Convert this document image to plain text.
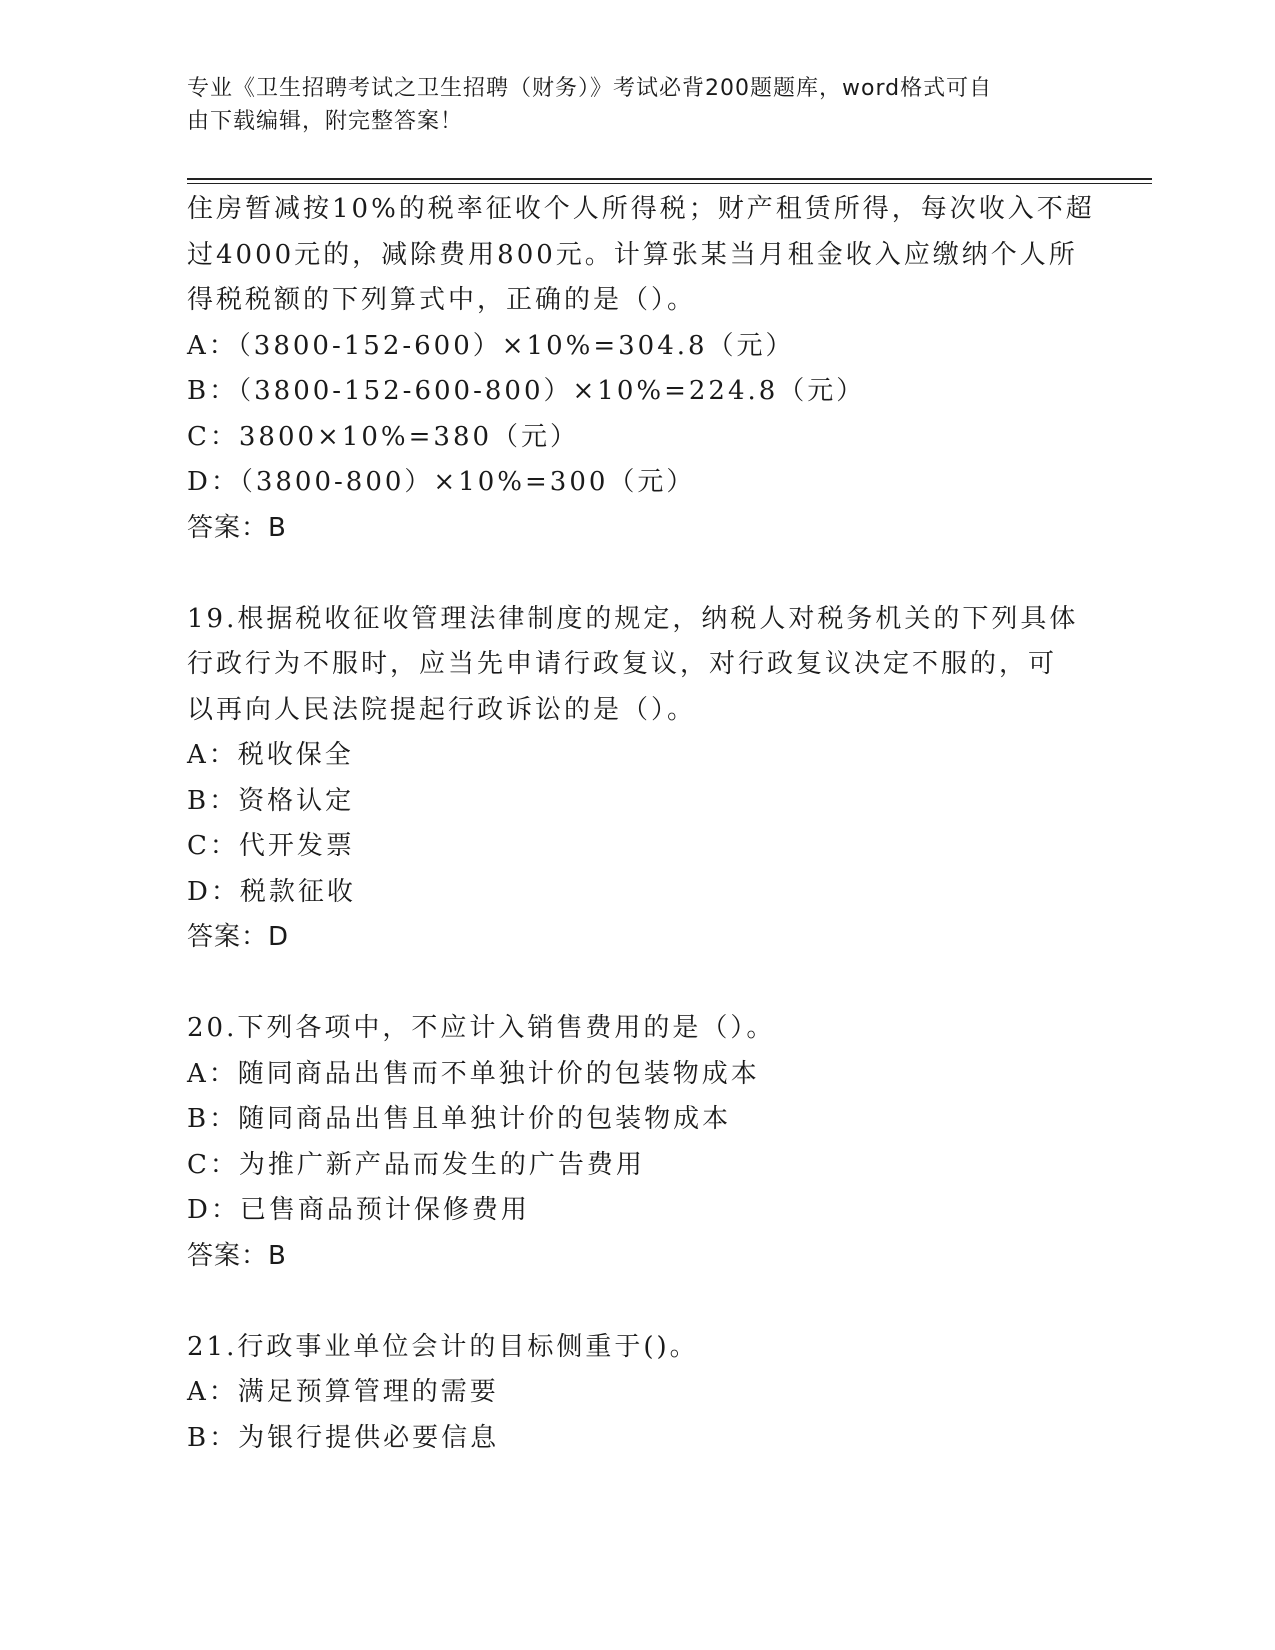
专业《卫生招聘考试之卫生招聘（财务）》考试必背200题题库，word格式可自
由下载编辑，附完整答案！
住房暂减按10%的税率征收个人所得税；财产租赁所得，每次收入不超
过4000元的，减除费用800元。计算张某当月租金收入应缴纳个人所
得税税额的下列算式中，正确的是（）。
A：（3800-152-600）×10%=304.8（元）
B：（3800-152-600-800）×10%=224.8（元）
C：3800×10%=380（元）
D：（3800-800）×10%=300（元）
答案：B
19.根据税收征收管理法律制度的规定，纳税人对税务机关的下列具体
行政行为不服时，应当先申请行政复议，对行政复议决定不服的，可
以再向人民法院提起行政诉讼的是（）。
A：税收保全
B：资格认定
C：代开发票
D：税款征收
答案：D
20.下列各项中，不应计入销售费用的是（）。
A：随同商品出售而不单独计价的包装物成本
B：随同商品出售且单独计价的包装物成本
C：为推广新产品而发生的广告费用
D：已售商品预计保修费用
答案：B
21.行政事业单位会计的目标侧重于()。
A：满足预算管理的需要
B：为银行提供必要信息
